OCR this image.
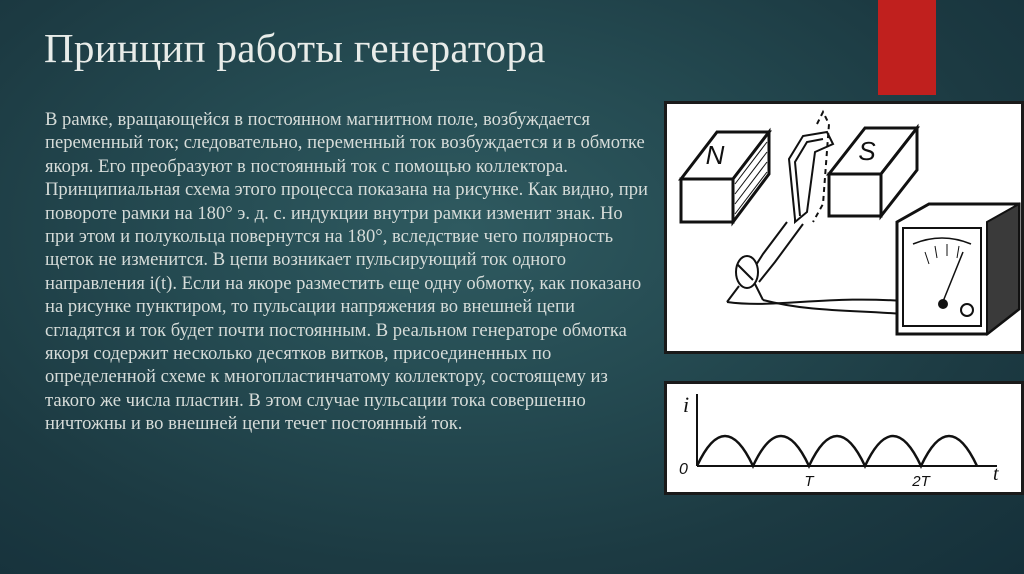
Принцип работы генератора

В рамке, вращающейся в постоянном магнитном поле, возбуждается переменный ток; следовательно, переменный ток возбуждается и в обмотке якоря. Его преобразуют в постоянный ток с помощью коллектора. Принципиальная схема этого процесса показана на рисунке. Как видно, при повороте рамки на 180° э. д. с. индукции внутри рамки изменит знак. Но при этом и полукольца повернутся на 180°, вследствие чего полярность щеток не изменится. В цепи возникает пульсирующий ток одного направления i(t). Если на якоре разместить еще одну обмотку, как показано на рисунке пунктиром, то пульсации напряжения во внешней цепи сгладятся и ток будет почти постоянным. В реальном генераторе обмотка якоря содержит несколько десятков витков, присоединенных по определенной схеме к многопластинчатому коллектору, состоящему из такого же числа пластин. В этом случае пульсации тока совершенно ничтожны и во внешней цепи течет постоянный ток.

N	S
i
0	t
T	2T
